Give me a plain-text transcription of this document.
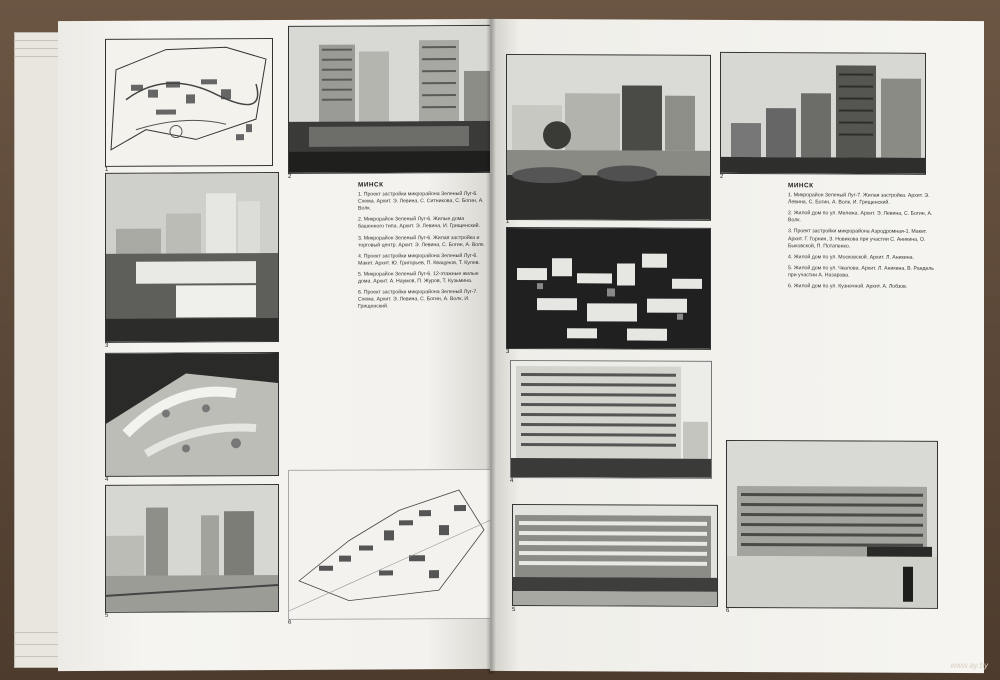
1
2
3
4
5
6
МИНСК
1. Проект застройки микрорайона Зеленый Луг-6. Схема. Архит. Э. Левина, С. Ситникова, С. Богин, А. Волк.
2. Микрорайон Зеленый Луг-6. Жилые дома башенного типа. Архит. Э. Левина, И. Грищенский.
3. Микрорайон Зеленый Луг-6. Жилая застройка и торговый центр. Архит. Э. Левина, С. Богин, А. Волк.
4. Проект застройки микрорайона Зеленый Луг-6. Макет. Архит. Ю. Григорьев, П. Квацунов, Т. Кулев.
5. Микрорайон Зеленый Луг-6. 12-этажные жилые дома. Архит. А. Наумов, П. Журов, Т. Кузьмина.
6. Проект застройки микрорайона Зеленый Луг-7. Схема. Архит. Э. Левина, С. Богин, А. Волк, И. Грищенский.
1
2
МИНСК
1. Микрорайон Зеленый Луг-7. Жилая застройка. Архит. Э. Левина, С. Богин, А. Волк, И. Грищенский.
2. Жилой дом по ул. Мележа. Архит. Э. Левина, С. Богин, А. Волк.
3. Проект застройки микрорайона Аэродромная-1. Макет. Архит. Г. Горнин, З. Новикова при участии С. Аникина, О. Быковской, П. Потапенко.
4. Жилой дом по ул. Московской. Архит. Л. Аникина.
5. Жилой дом по ул. Чкалова. Архит. Л. Аникина, В. Рандель при участии А. Назарова.
6. Жилой дом по ул. Кузнечной. Архит. А. Лобзов.
3
4
5	6
www.ay.by
